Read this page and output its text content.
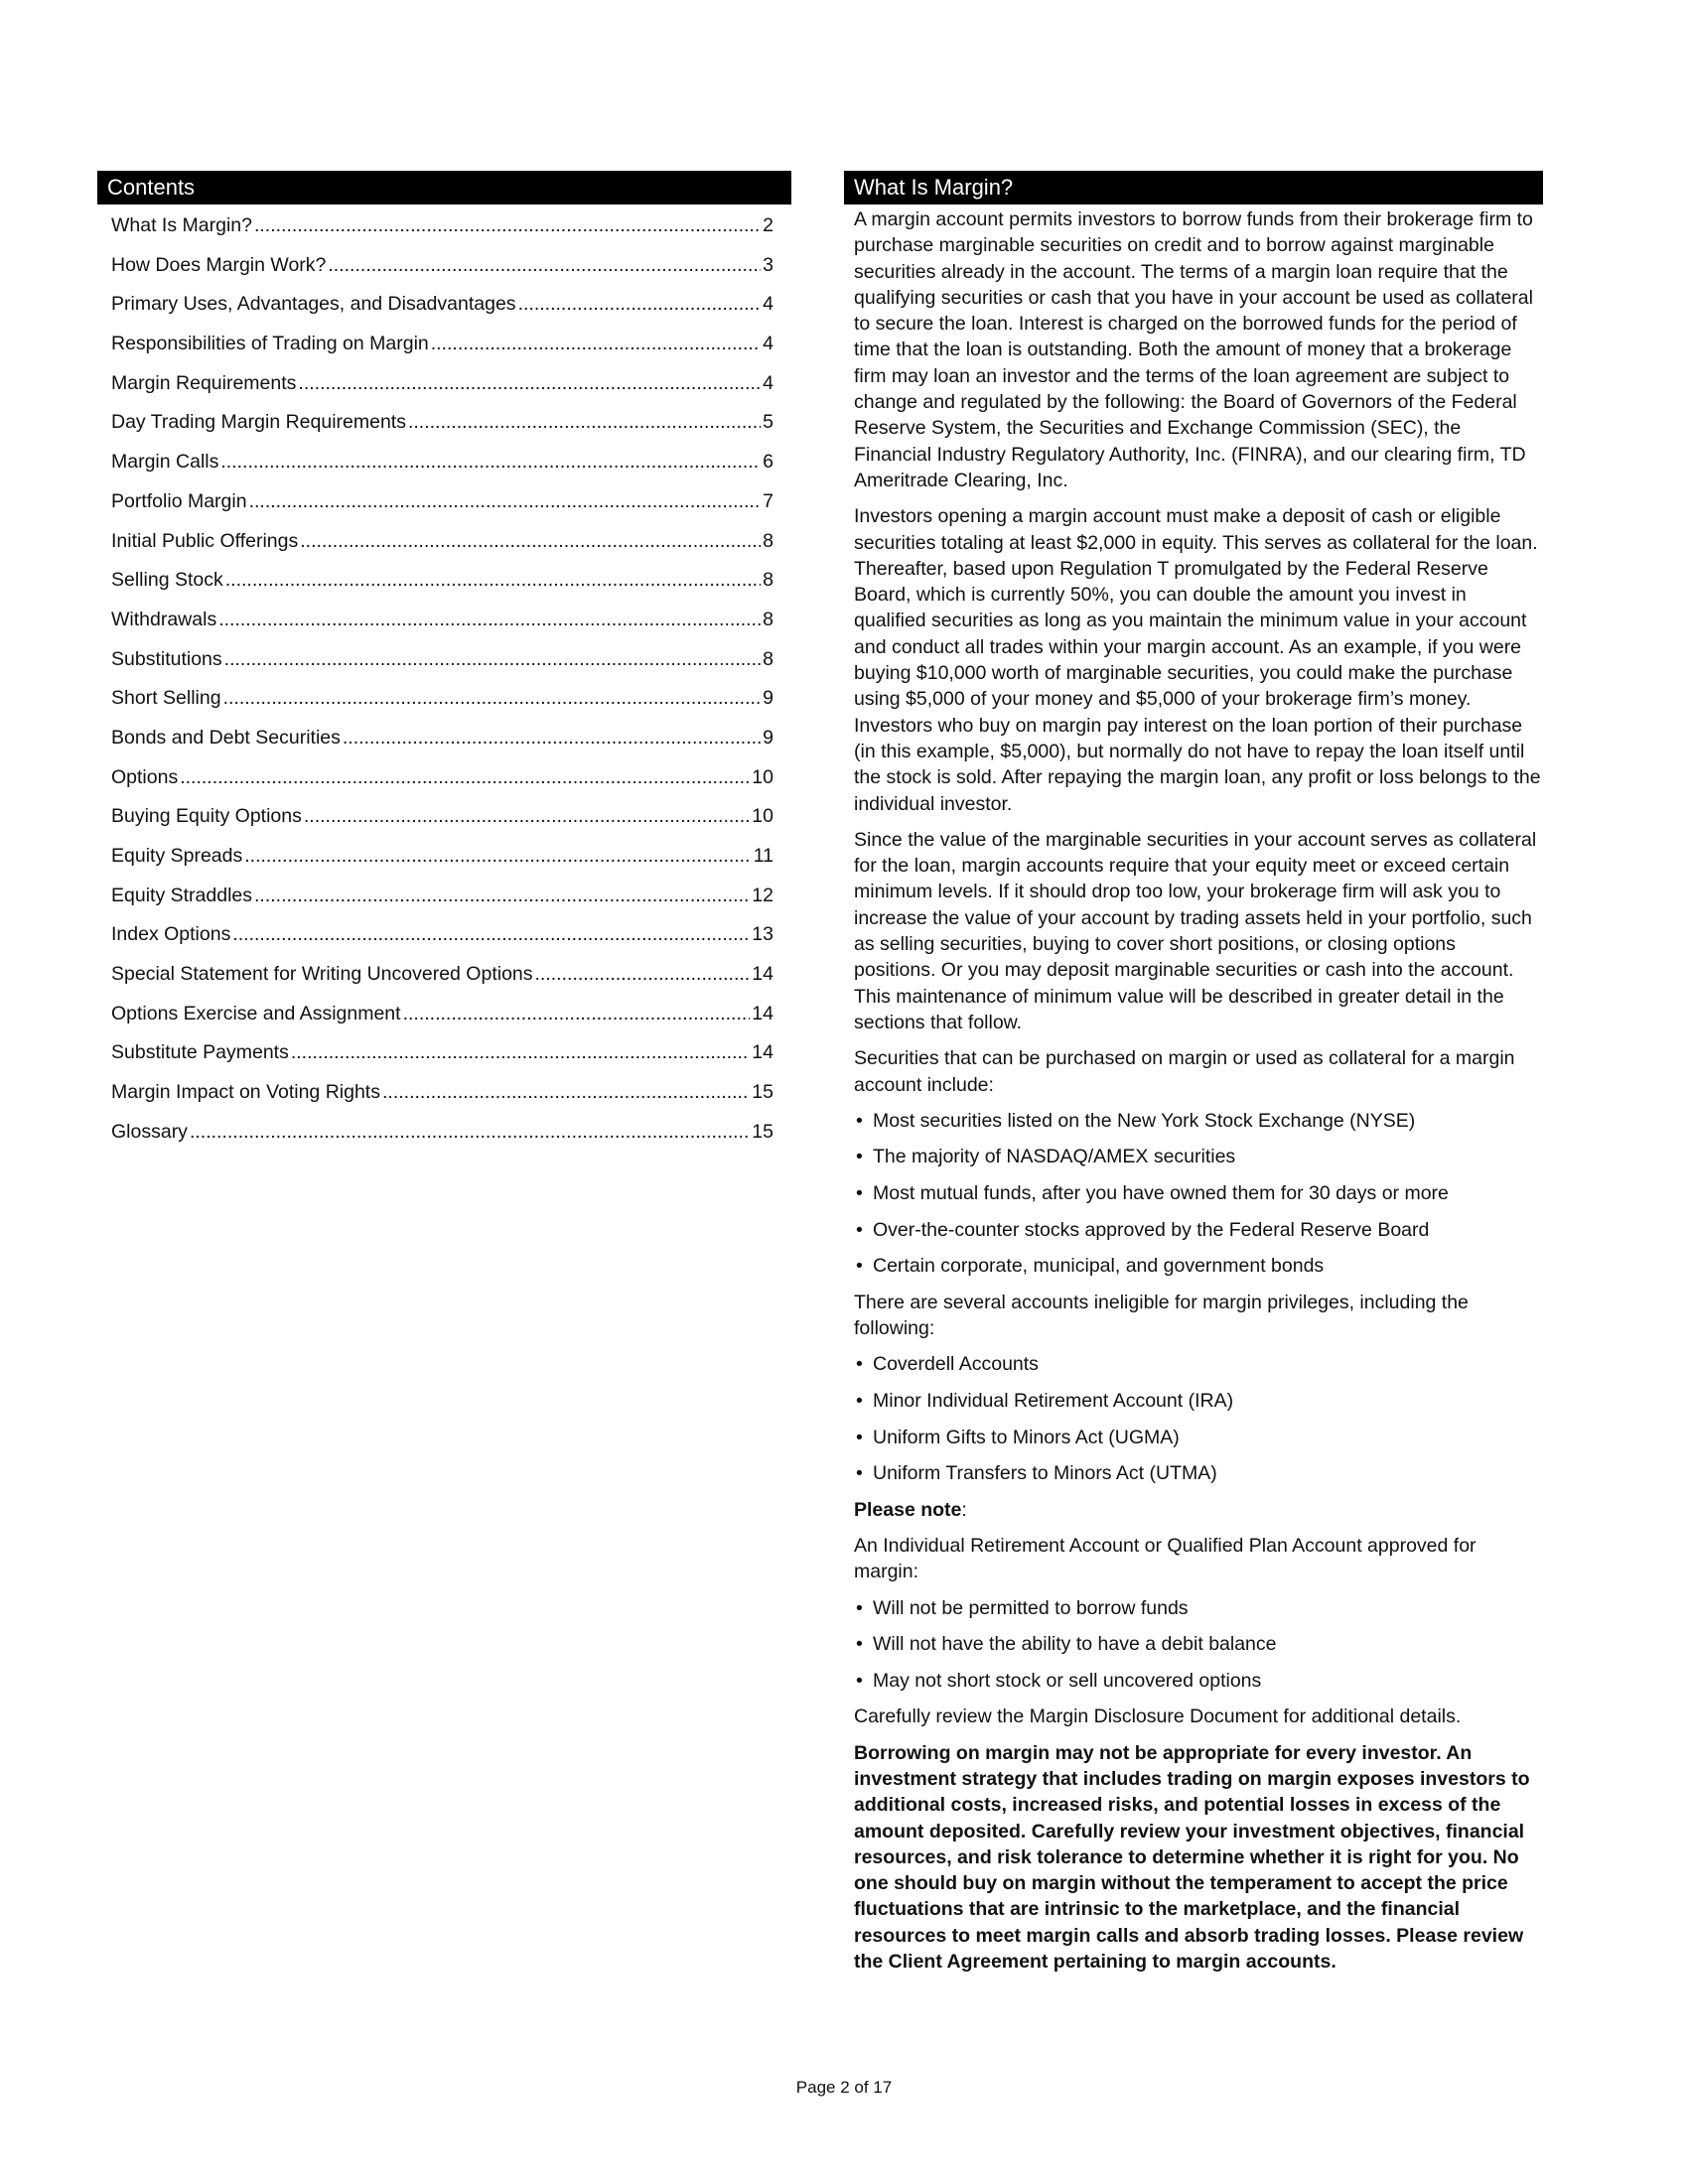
Contents
What Is Margin? .....	2
How Does Margin Work? .....	3
Primary Uses, Advantages, and Disadvantages .....	4
Responsibilities of Trading on Margin .....	4
Margin Requirements .....	4
Day Trading Margin Requirements .....	5
Margin Calls .....	6
Portfolio Margin .....	7
Initial Public Offerings .....	8
Selling Stock .....	8
Withdrawals .....	8
Substitutions .....	8
Short Selling .....	9
Bonds and Debt Securities .....	9
Options .....	10
Buying Equity Options .....	10
Equity Spreads .....	11
Equity Straddles .....	12
Index Options .....	13
Special Statement for Writing Uncovered Options .....	14
Options Exercise and Assignment .....	14
Substitute Payments .....	14
Margin Impact on Voting Rights .....	15
Glossary .....	15
What Is Margin?

A margin account permits investors to borrow funds from their brokerage firm to purchase marginable securities on credit and to borrow against marginable securities already in the account. The terms of a margin loan require that the qualifying securities or cash that you have in your account be used as collateral to secure the loan. Interest is charged on the borrowed funds for the period of time that the loan is outstanding. Both the amount of money that a brokerage firm may loan an investor and the terms of the loan agreement are subject to change and regulated by the following: the Board of Governors of the Federal Reserve System, the Securities and Exchange Commission (SEC), the Financial Industry Regulatory Authority, Inc. (FINRA), and our clearing firm, TD Ameritrade Clearing, Inc.

Investors opening a margin account must make a deposit of cash or eligible securities totaling at least $2,000 in equity. This serves as collateral for the loan. Thereafter, based upon Regulation T promulgated by the Federal Reserve Board, which is currently 50%, you can double the amount you invest in qualified securities as long as you maintain the minimum value in your account and conduct all trades within your margin account. As an example, if you were buying $10,000 worth of marginable securities, you could make the purchase using $5,000 of your money and $5,000 of your brokerage firm’s money. Investors who buy on margin pay interest on the loan portion of their purchase (in this example, $5,000), but normally do not have to repay the loan itself until the stock is sold. After repaying the margin loan, any profit or loss belongs to the individual investor.

Since the value of the marginable securities in your account serves as collateral for the loan, margin accounts require that your equity meet or exceed certain minimum levels. If it should drop too low, your brokerage firm will ask you to increase the value of your account by trading assets held in your portfolio, such as selling securities, buying to cover short positions, or closing options positions. Or you may deposit marginable securities or cash into the account. This maintenance of minimum value will be described in greater detail in the sections that follow.

Securities that can be purchased on margin or used as collateral for a margin account include:

• Most securities listed on the New York Stock Exchange (NYSE)
• The majority of NASDAQ/AMEX securities
• Most mutual funds, after you have owned them for 30 days or more
• Over-the-counter stocks approved by the Federal Reserve Board
• Certain corporate, municipal, and government bonds

There are several accounts ineligible for margin privileges, including the following:

• Coverdell Accounts
• Minor Individual Retirement Account (IRA)
• Uniform Gifts to Minors Act (UGMA)
• Uniform Transfers to Minors Act (UTMA)

Please note:

An Individual Retirement Account or Qualified Plan Account approved for margin:

• Will not be permitted to borrow funds
• Will not have the ability to have a debit balance
• May not short stock or sell uncovered options

Carefully review the Margin Disclosure Document for additional details.

Borrowing on margin may not be appropriate for every investor. An investment strategy that includes trading on margin exposes investors to additional costs, increased risks, and potential losses in excess of the amount deposited. Carefully review your investment objectives, financial resources, and risk tolerance to determine whether it is right for you. No one should buy on margin without the temperament to accept the price fluctuations that are intrinsic to the marketplace, and the financial resources to meet margin calls and absorb trading losses. Please review the Client Agreement pertaining to margin accounts.

Page 2 of 17
